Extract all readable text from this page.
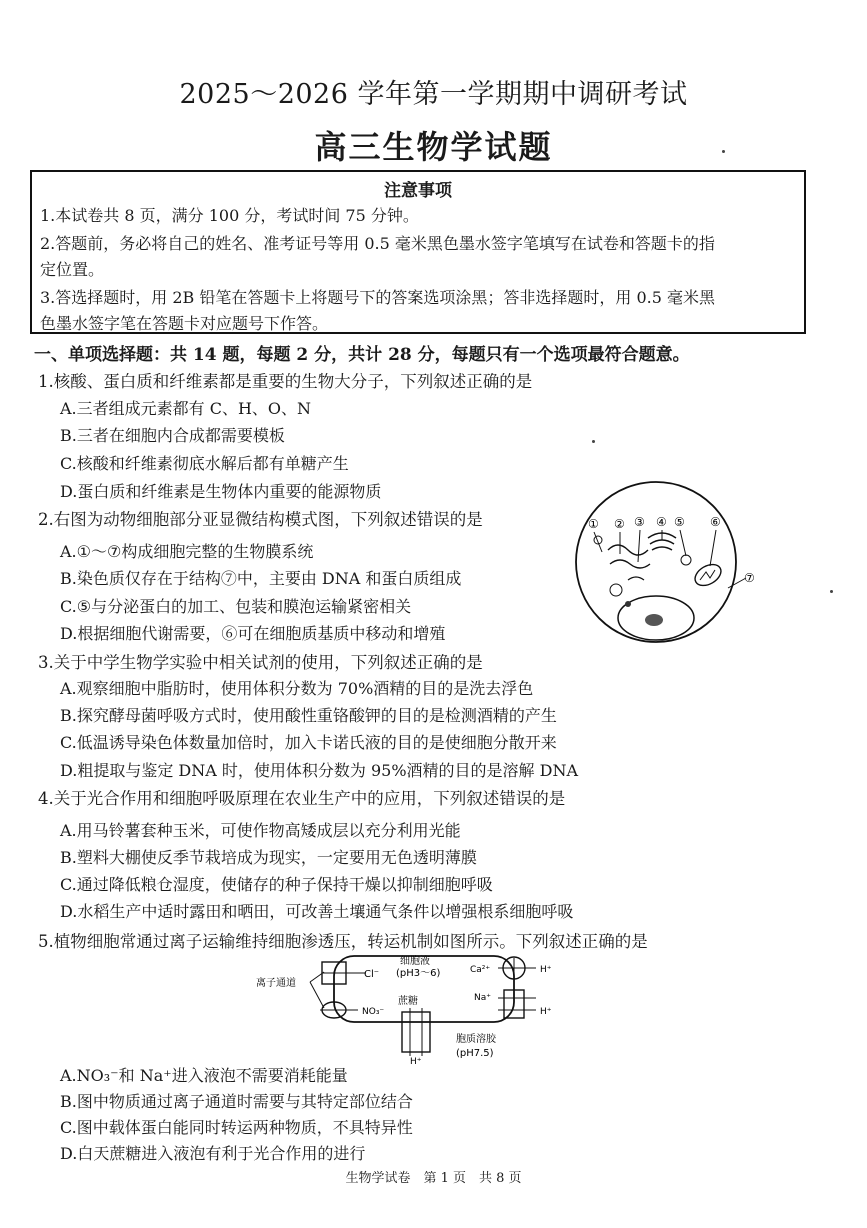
2025～2026 学年第一学期期中调研考试
高三生物学试题
注意事项
1.本试卷共 8 页，满分 100 分，考试时间 75 分钟。
2.答题前，务必将自己的姓名、准考证号等用 0.5 毫米黑色墨水签字笔填写在试卷和答题卡的指
定位置。
3.答选择题时，用 2B 铅笔在答题卡上将题号下的答案选项涂黑；答非选择题时，用 0.5 毫米黑
色墨水签字笔在答题卡对应题号下作答。
一、单项选择题：共 14 题，每题 2 分，共计 28 分，每题只有一个选项最符合题意。
1.核酸、蛋白质和纤维素都是重要的生物大分子，下列叙述正确的是
A.三者组成元素都有 C、H、O、N
B.三者在细胞内合成都需要模板
C.核酸和纤维素彻底水解后都有单糖产生
D.蛋白质和纤维素是生物体内重要的能源物质
2.右图为动物细胞部分亚显微结构模式图，下列叙述错误的是
A.①～⑦构成细胞完整的生物膜系统
B.染色质仅存在于结构⑦中，主要由 DNA 和蛋白质组成
C.⑤与分泌蛋白的加工、包装和膜泡运输紧密相关
D.根据细胞代谢需要，⑥可在细胞质基质中移动和增殖
① ② ③ ④ ⑤ ⑥
⑦
3.关于中学生物学实验中相关试剂的使用，下列叙述正确的是
A.观察细胞中脂肪时，使用体积分数为 70%酒精的目的是洗去浮色
B.探究酵母菌呼吸方式时，使用酸性重铬酸钾的目的是检测酒精的产生
C.低温诱导染色体数量加倍时，加入卡诺氏液的目的是使细胞分散开来
D.粗提取与鉴定 DNA 时，使用体积分数为 95%酒精的目的是溶解 DNA
4.关于光合作用和细胞呼吸原理在农业生产中的应用，下列叙述错误的是
A.用马铃薯套种玉米，可使作物高矮成层以充分利用光能
B.塑料大棚使反季节栽培成为现实，一定要用无色透明薄膜
C.通过降低粮仓湿度，使储存的种子保持干燥以抑制细胞呼吸
D.水稻生产中适时露田和晒田，可改善土壤通气条件以增强根系细胞呼吸
5.植物细胞常通过离子运输维持细胞渗透压，转运机制如图所示。下列叙述正确的是
细胞液
(pH3～6)
离子通道
Cl⁻
NO₃⁻
蔗糖
H⁺
Ca²⁺
Na⁺
H⁺
H⁺
胞质溶胶
(pH7.5)
A.NO₃⁻和 Na⁺进入液泡不需要消耗能量
B.图中物质通过离子通道时需要与其特定部位结合
C.图中载体蛋白能同时转运两种物质，不具特异性
D.白天蔗糖进入液泡有利于光合作用的进行
生物学试卷　第 1 页　共 8 页
